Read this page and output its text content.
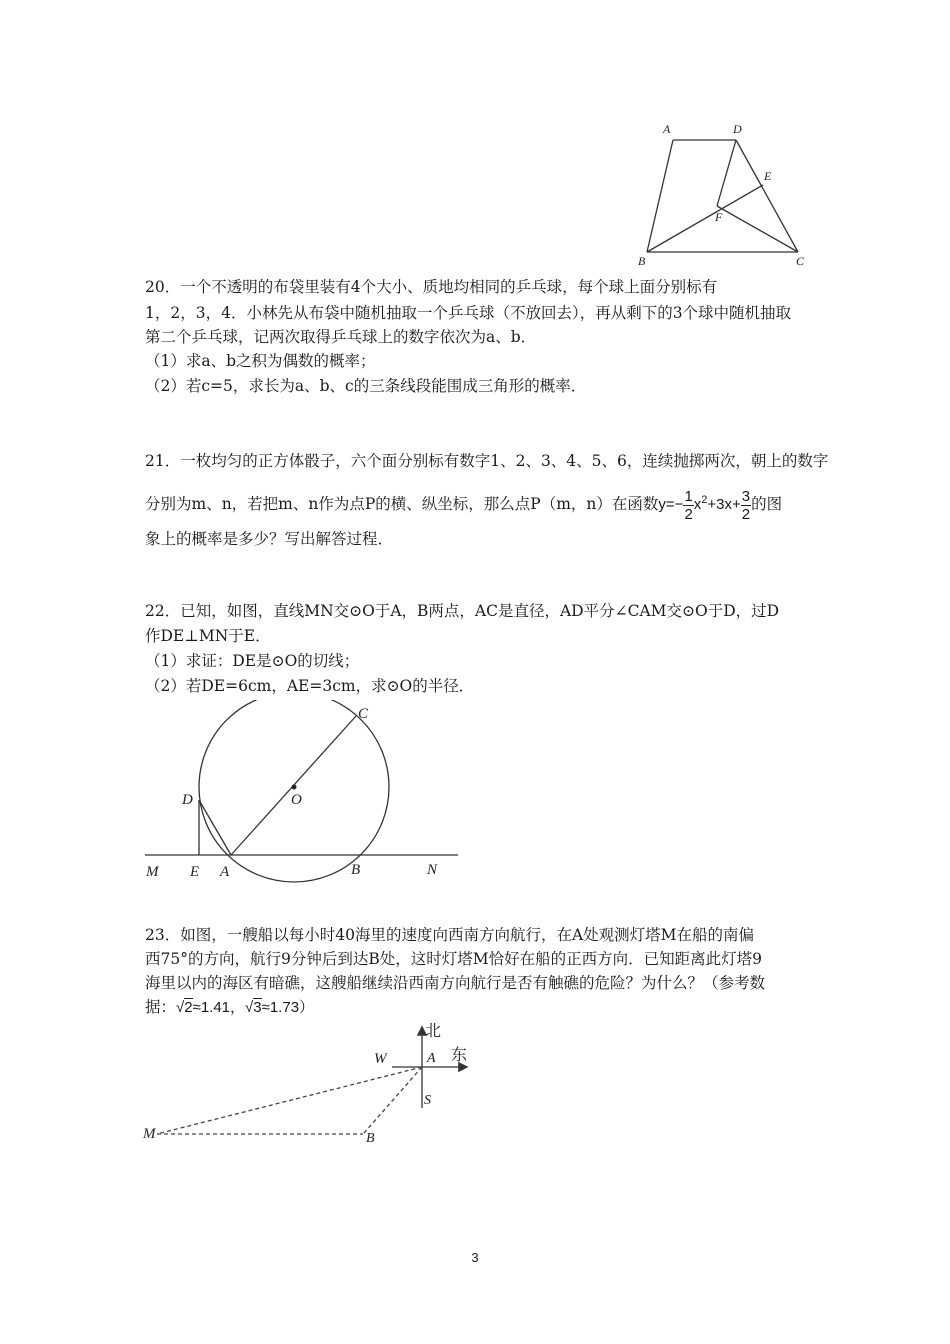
A	D
E
F
B	C
20．一个不透明的布袋里装有4个大小、质地均相同的乒乓球，每个球上面分别标有
1，2，3，4．小林先从布袋中随机抽取一个乒乓球（不放回去），再从剩下的3个球中随机抽取
第二个乒乓球，记两次取得乒乓球上的数字依次为a、b．
（1）求a、b之积为偶数的概率；
（2）若c=5，求长为a、b、c的三条线段能围成三角形的概率．
21．一枚均匀的正方体骰子，六个面分别标有数字1、2、3、4、5、6，连续抛掷两次，朝上的数字
分别为m、n，若把m、n作为点P的横、纵坐标，那么点P（m，n）在函数$y=- \frac{1}{2} x^2+3x+ \frac{3}{2}$ 的图
象上的概率是多少？写出解答过程．
22．已知，如图，直线MN交⊙O于A，B两点，AC是直径，AD平分∠CAM交⊙O于D，过D
作DE⊥MN于E．
（1）求证：DE是⊙O的切线；
（2）若DE=6cm，AE=3cm，求⊙O的半径．
C
O
D
M E A	B	N
23．如图，一艘船以每小时40海里的速度向西南方向航行，在A处观测灯塔M在船的南偏
西75°的方向，航行9分钟后到达B处，这时灯塔M恰好在船的正西方向．已知距离此灯塔9
海里以内的海区有暗礁，这艘船继续沿西南方向航行是否有触礁的危险？为什么？（参考数
据：√2≈1.41，√3≈1.73）
北
东
W	A
S
M	B
3
